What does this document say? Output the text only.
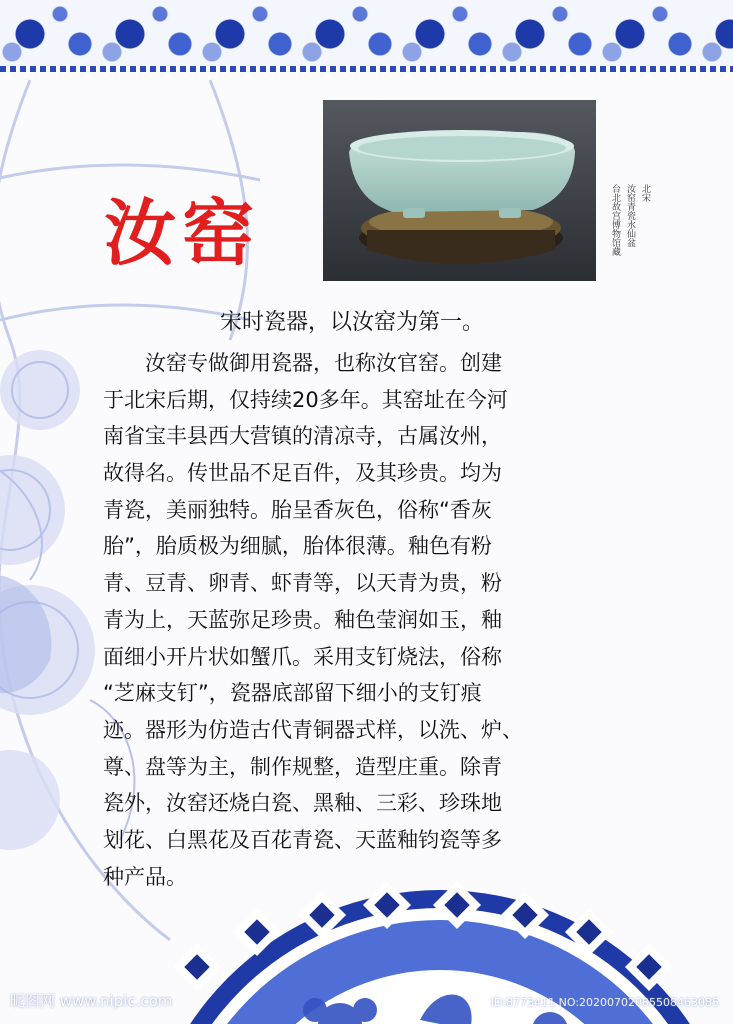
汝窑	北宋
汝窑青瓷水仙盆
台北故宫博物馆藏

宋时瓷器，以汝窑为第一。

　　汝窑专做御用瓷器，也称汝官窑。创建
于北宋后期，仅持续20多年。其窑址在今河
南省宝丰县西大营镇的清凉寺，古属汝州，
故得名。传世品不足百件，及其珍贵。均为
青瓷，美丽独特。胎呈香灰色，俗称“香灰
胎”，胎质极为细腻，胎体很薄。釉色有粉
青、豆青、卵青、虾青等，以天青为贵，粉
青为上，天蓝弥足珍贵。釉色莹润如玉，釉
面细小开片状如蟹爪。采用支钉烧法，俗称
“芝麻支钉”，瓷器底部留下细小的支钉痕
迹。器形为仿造古代青铜器式样，以洗、炉、
尊、盘等为主，制作规整，造型庄重。除青
瓷外，汝窑还烧白瓷、黑釉、三彩、珍珠地
划花、白黑花及百花青瓷、天蓝釉钧瓷等多
种产品。
昵图网 www.nipic.com	ID:8773411 NO:20200702085508463085
